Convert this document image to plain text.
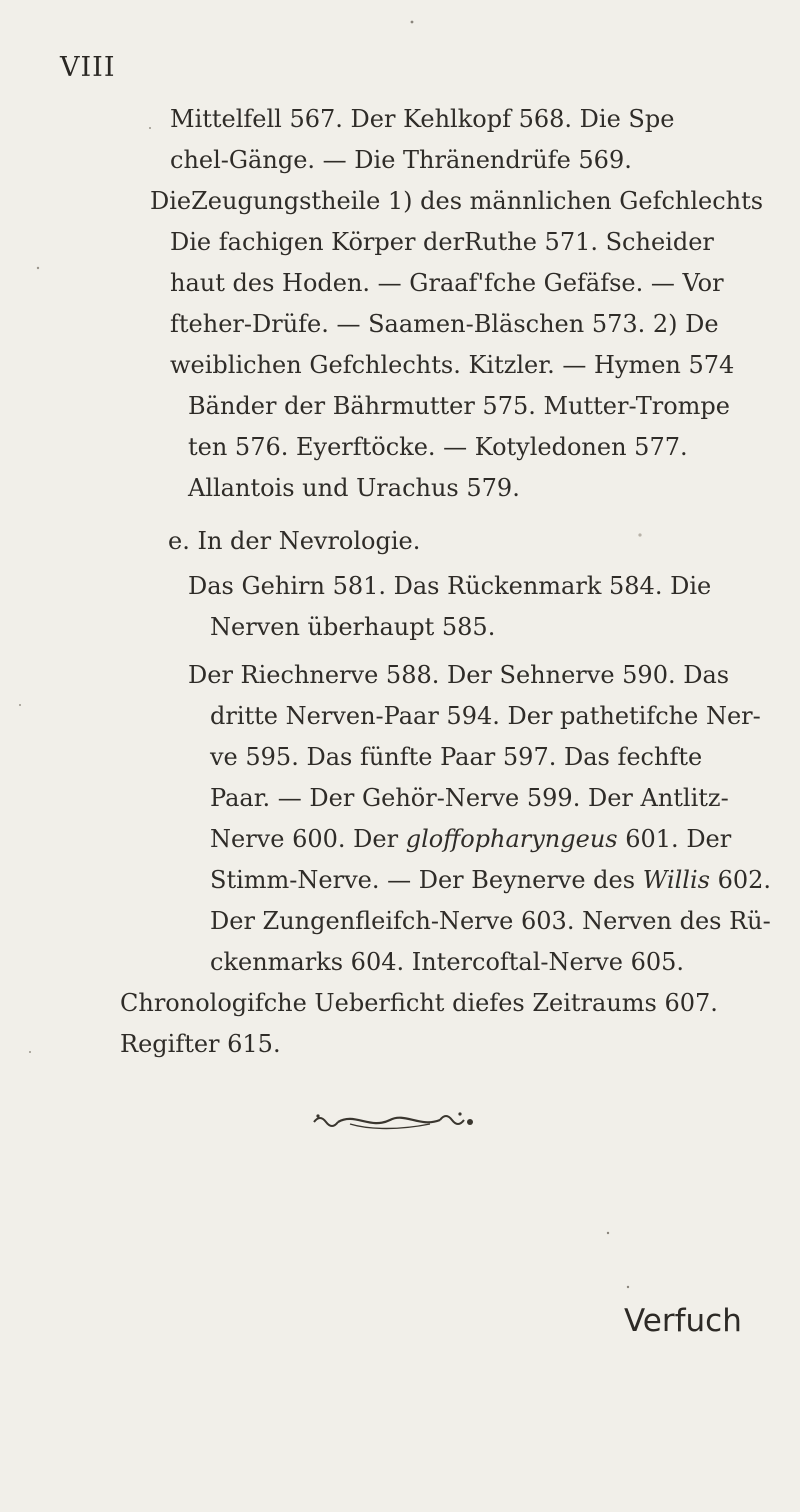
VIII
Mittelfell 567. Der Kehlkopf 568. Die Spe
chel-Gänge. — Die Thränendrüfe 569.
DieZeugungstheile 1) des männlichen Gefchlechts
Die fachigen Körper derRuthe 571. Scheider
haut des Hoden. — Graaf'fche Gefäfse. — Vor
fteher-Drüfe. — Saamen-Bläschen 573. 2) De
weiblichen Gefchlechts. Kitzler. — Hymen 574
Bänder der Bährmutter 575. Mutter-Trompe
ten 576. Eyerftöcke. — Kotyledonen 577.
Allantois und Urachus 579.
e. In der Nevrologie.
Das Gehirn 581. Das Rückenmark 584. Die
Nerven überhaupt 585.
Der Riechnerve 588. Der Sehnerve 590. Das
dritte Nerven-Paar 594. Der pathetifche Ner-
ve 595. Das fünfte Paar 597. Das fechfte
Paar. — Der Gehör-Nerve 599. Der Antlitz-
Nerve 600. Der gloffopharyngeus 601. Der
Stimm-Nerve. — Der Beynerve des Willis 602.
Der Zungenfleifch-Nerve 603. Nerven des Rü-
ckenmarks 604. Intercoftal-Nerve 605.
Chronologifche Ueberficht diefes Zeitraums 607.
Regifter 615.
Verfuch
